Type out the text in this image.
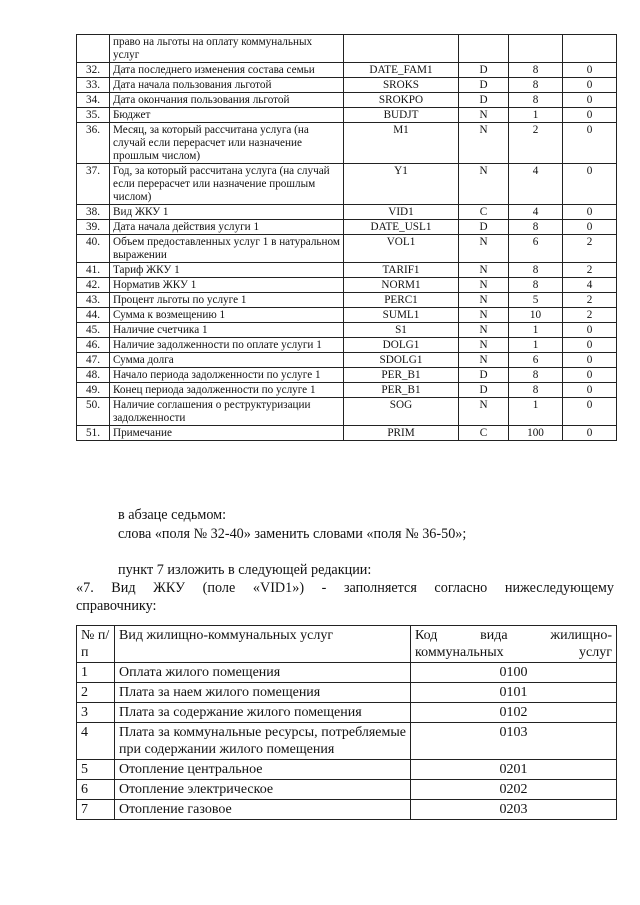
	право на льготы на оплату коммунальных услуг				
32.	Дата последнего изменения состава семьи	DATE_FAM1	D	8	0
33.	Дата начала пользования льготой	SROKS	D	8	0
34.	Дата окончания пользования льготой	SROKPO	D	8	0
35.	Бюджет	BUDJT	N	1	0
36.	Месяц, за который рассчитана услуга (на случай если перерасчет или назначение прошлым числом)	M1	N	2	0
37.	Год, за который рассчитана услуга (на случай если перерасчет или назначение прошлым числом)	Y1	N	4	0
38.	Вид ЖКУ 1	VID1	C	4	0
39.	Дата начала действия услуги 1	DATE_USL1	D	8	0
40.	Объем предоставленных услуг 1 в натуральном выражении	VOL1	N	6	2
41.	Тариф ЖКУ 1	TARIF1	N	8	2
42.	Норматив ЖКУ 1	NORM1	N	8	4
43.	Процент льготы по услуге 1	PERC1	N	5	2
44.	Сумма к возмещению 1	SUML1	N	10	2
45.	Наличие счетчика 1	S1	N	1	0
46.	Наличие задолженности по оплате услуги 1	DOLG1	N	1	0
47.	Сумма долга	SDOLG1	N	6	0
48.	Начало периода задолженности по услуге 1	PER_B1	D	8	0
49.	Конец периода задолженности по услуге 1	PER_B1	D	8	0
50.	Наличие соглашения о реструктуризации задолженности	SOG	N	1	0
51.	Примечание	PRIM	C	100	0
в абзаце седьмом:
слова «поля № 32-40» заменить словами «поля № 36-50»;
пункт 7 изложить в следующей редакции:
«7. Вид ЖКУ (поле «VID1») - заполняется согласно нижеследующему
справочнику:
№ п/п	Вид жилищно-коммунальных услуг	Код вида жилищно-коммунальных услуг
1	Оплата жилого помещения	0100
2	Плата за наем жилого помещения	0101
3	Плата за содержание жилого помещения	0102
4	Плата за коммунальные ресурсы, потребляемые при содержании жилого помещения	0103
5	Отопление центральное	0201
6	Отопление электрическое	0202
7	Отопление газовое	0203
